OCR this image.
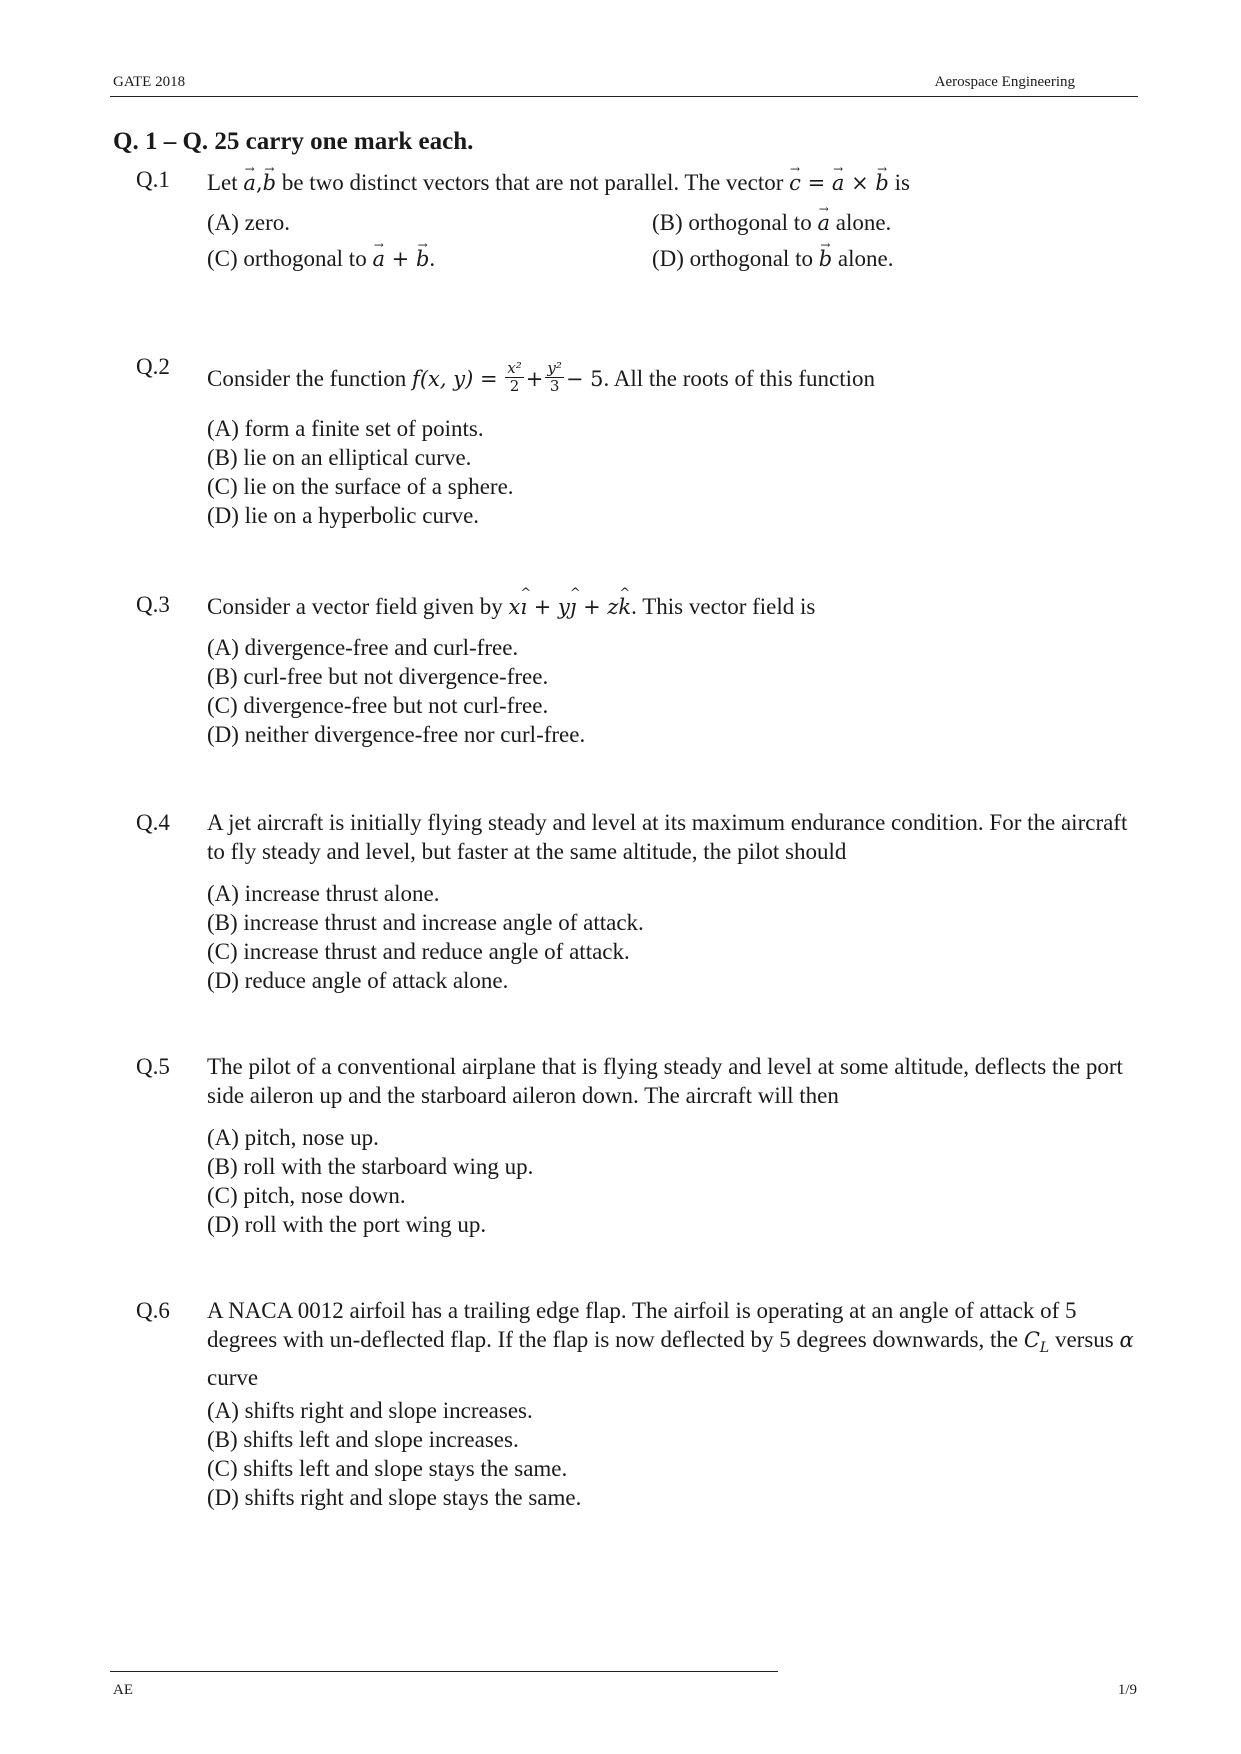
GATE 2018	Aerospace Engineering
Q. 1 – Q. 25 carry one mark each.
Q.1 Let → a,→ b be two distinct vectors that are not parallel. The vector → c = → a × → b is
(A) zero.	(B) orthogonal to → a alone.
(C) orthogonal to → a + → b.	(D) orthogonal to → b alone.
Q.2 Consider the function f(x, $y) = \frac{\text{x²}}{2} + \frac{\text{y²}}{3} - 5$. All the roots of this function
(A) form a finite set of points.
(B) lie on an elliptical curve.
(C) lie on the surface of a sphere.
(D) lie on a hyperbolic curve.
Q.3 Consider a vector field given by x^ ı + y^ ȷ + z^ k. This vector field is
(A) divergence-free and curl-free.
(B) curl-free but not divergence-free.
(C) divergence-free but not curl-free.
(D) neither divergence-free nor curl-free.
Q.4 A jet aircraft is initially flying steady and level at its maximum endurance condition. For the aircraft to fly steady and level, but faster at the same altitude, the pilot should
(A) increase thrust alone.
(B) increase thrust and increase angle of attack.
(C) increase thrust and reduce angle of attack.
(D) reduce angle of attack alone.
Q.5 The pilot of a conventional airplane that is flying steady and level at some altitude, deflects the port side aileron up and the starboard aileron down. The aircraft will then
(A) pitch, nose up.
(B) roll with the starboard wing up.
(C) pitch, nose down.
(D) roll with the port wing up.
Q.6 A NACA 0012 airfoil has a trailing edge flap. The airfoil is operating at an angle of attack of 5 degrees with un-deflected flap. If the flap is now deflected by 5 degrees downwards, the $C_L$ versus α curve
(A) shifts right and slope increases.
(B) shifts left and slope increases.
(C) shifts left and slope stays the same.
(D) shifts right and slope stays the same.
AE	1/9
